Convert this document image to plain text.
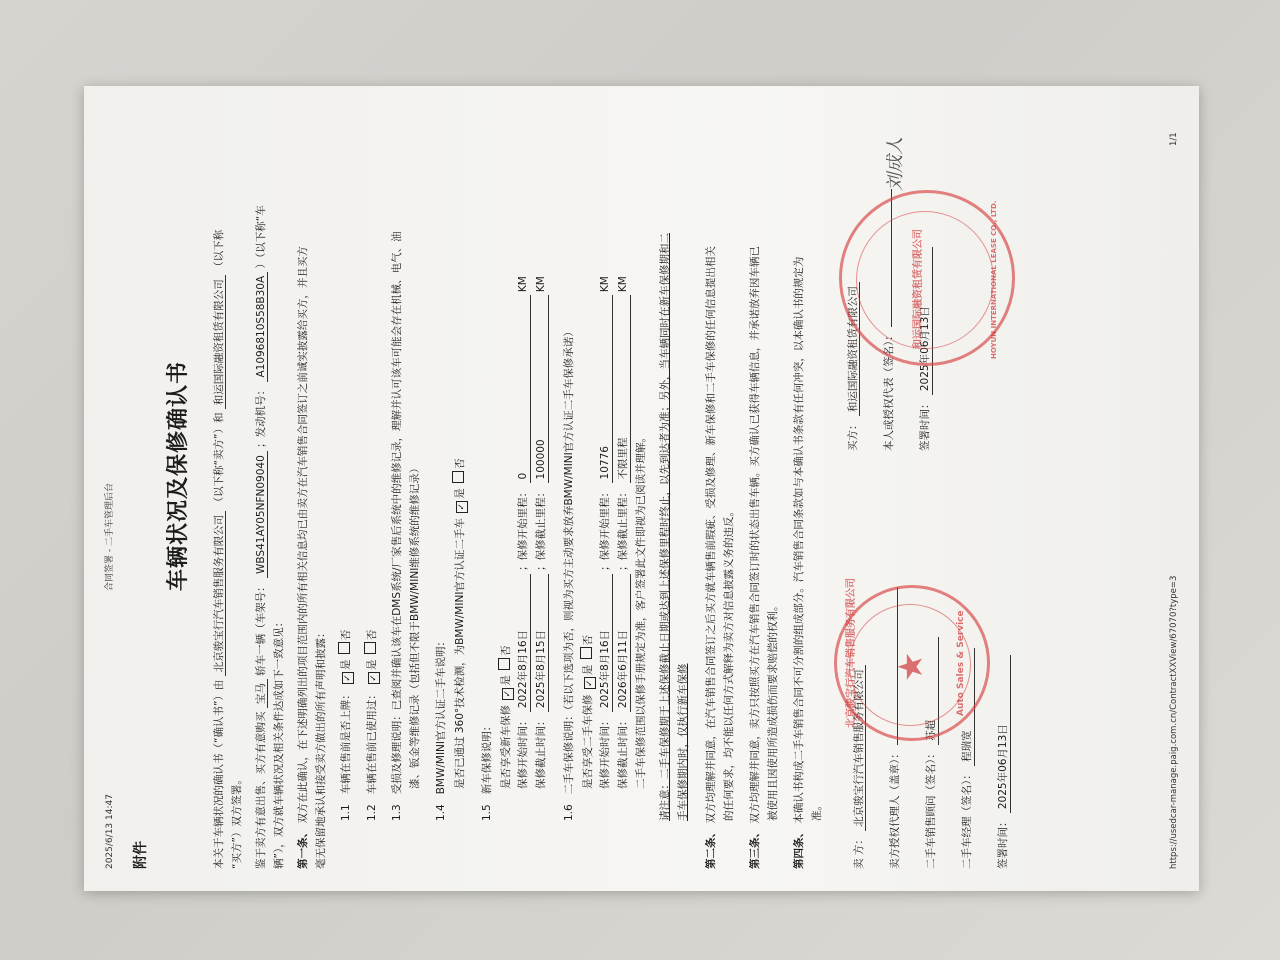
2025/6/13 14:47
合同签署 - 二手车管理后台
附件
车辆状况及保修确认书
本关于车辆状况的确认书（“确认书”）由 北京骏宝行汽车销售服务有限公司 （以下称“卖方”）和 和运国际融资租赁有限公司 （以下称
“买方”）双方签署。 鉴于卖方有意出售、买方有意购买 宝马 轿车一辆（车架号： WBS41AY05NFN09040 ；发动机号： A1096810S58B30A ）（以下称“车
辆”），双方就车辆状况及相关条件达成如下一致意见： 第一条、 双方在此确认，在下述明确列出的项目范围内的所有相关信息均已由卖方在汽车销售合同签订之前诚实披露给买方，并且买方 毫无保留地承认和接受卖方做出的所有声明和披露： 1.1   车辆在售前是否上牌： ✓是 否
1.2   车辆在售前已使用过： ✓是 否
1.3   受损及修理说明：已查阅并确认该车在DMS系统/厂家售后系统中的维修记录，理解并认可该车可能会存在机械、电气、油 漆、钣金等维修记录（包括但不限于BMW/MINI维修系统的维修记录）
1.4   BMW/MINI官方认证二手车说明： 是否已通过 360°技术检测，为BMW/MINI官方认证二手车 ✓是 否
1.5   新车保修说明： 是否享受新车保修 ✓是 否
保修开始时间： 2022年8月16日 ；保修开始里程： 0 KM
保修截止时间： 2025年8月15日 ；保修截止里程： 100000 KM
1.6   二手车保修说明：（若以下选项为否，则视为买方主动要求放弃BMW/MINI官方认证二手车保修承诺） 是否享受二手车保修 ✓是 否
保修开始时间： 2025年8月16日 ；保修开始里程： 10776 KM
保修截止时间： 2026年6月11日 ；保修截止里程： 不限里程 KM
二手车保修范围以保修手册规定为准，客户签署此文件即视为已阅读并理解。 请注意：二手车保修期于上述保修截止日期或达到上述保修里程时终止，以先到达者为准；另外，当车辆同时在新车保修期和二 手车保修期内时，仅执行新车保修
第二条、 双方均理解并同意，在汽车销售合同签订之后买方就车辆售前瑕疵、受损及修理、新车保修和二手车保修的任何信息提出相关 的任何要求，均不能以任何方式解释为卖方对信息披露义务的违反。
第三条、 双方均理解并同意，卖方只按照买方在汽车销售合同签订时的状态出售车辆。买方确认已获得车辆信息，并承诺放弃因车辆已 被使用且因使用所造成损伤而要求赔偿的权利。
第四条、 本确认书构成二手车销售合同不可分割的组成部分。汽车销售合同条款如与本确认书条款有任何冲突，以本确认书的规定为 准。
卖 方： 北京骏宝行汽车销售服务有限公司 卖方授权代理人（盖章）： 二手车销售顾问（签名）： 苏超
二手车经理（签名）： 程瑞宽
签署时间： 2025年06月13日
买方： 和运国际融资租赁有限公司 本人或授权代表（签名）： 签署时间： 2025年06月13日
★
北京骏宝行汽车销售服务有限公司	Auto Sales & Service
和运国际融资租赁有限公司	HOYUN INTERNATIONAL LEASE CO., LTD.
刘成人
https://usedcar-manage.paig.com.cn/ContractXXView/67070?type=3
1/1
